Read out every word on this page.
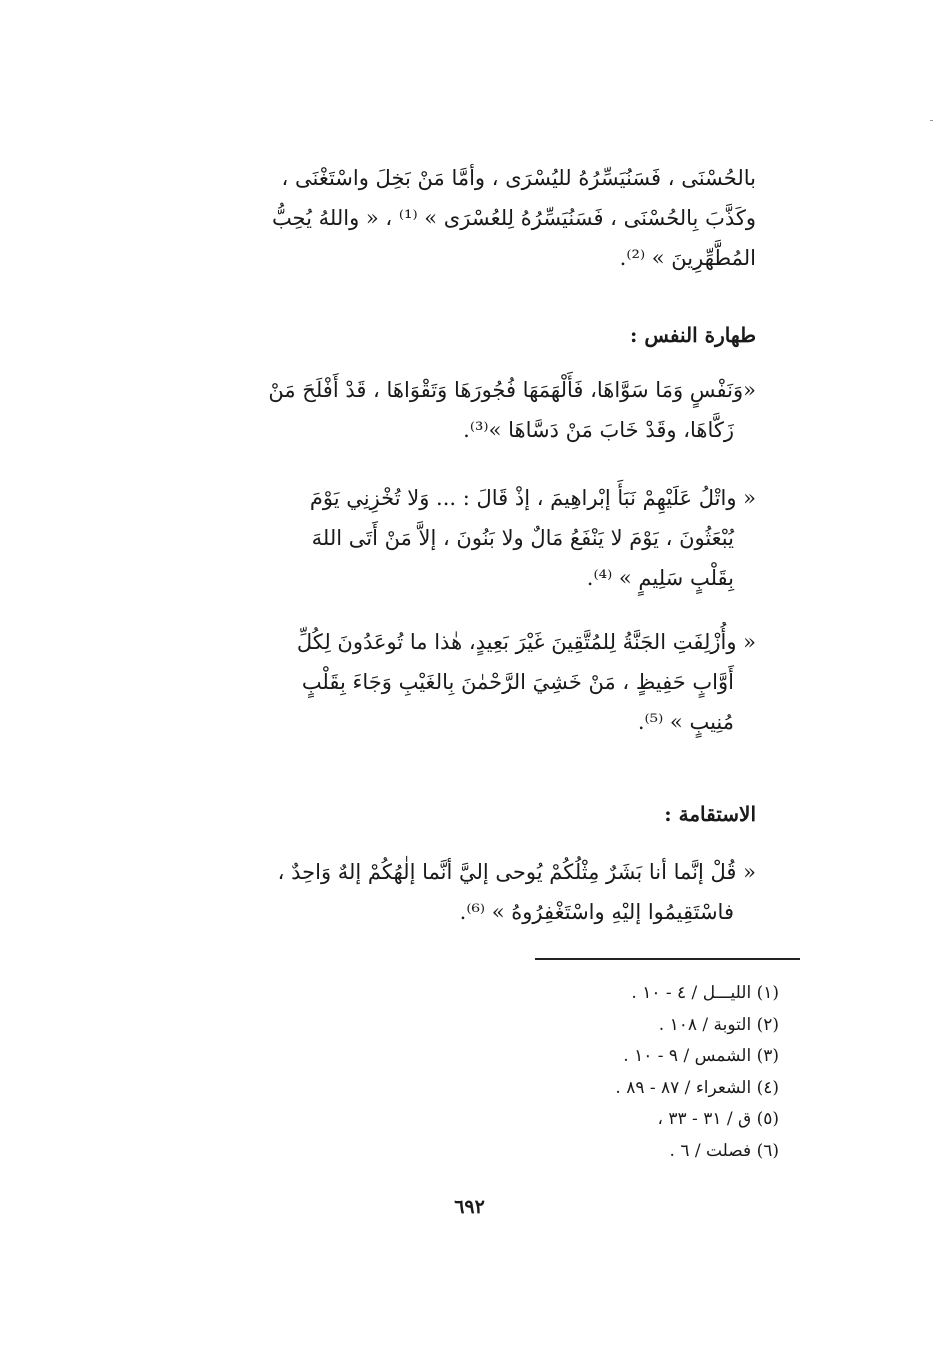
بالحُسْنَى ، فَسَنُيَسِّرُهُ لليُسْرَى ، وأمَّا مَنْ بَخِلَ واسْتَغْنَى ،
وكَذَّبَ بِالحُسْنَى ، فَسَنُيَسِّرُهُ لِلعُسْرَى » ⁽¹⁾ ، « واللهُ يُحِبُّ
المُطَّهِّرِينَ » ⁽²⁾.
طهارة النفس :
«وَنَفْسٍ وَمَا سَوَّاهَا، فَأَلْهَمَهَا فُجُورَهَا وَتَقْوَاهَا ، قَدْ أَفْلَحَ مَنْ
زَكَّاهَا، وقَدْ خَابَ مَنْ دَسَّاهَا »⁽³⁾.
« واتْلُ عَلَيْهِمْ نَبَأَ إبْراهِيمَ ، إذْ قَالَ : ... وَلا تُخْزِنِي يَوْمَ
يُبْعَثُونَ ، يَوْمَ لا يَنْفَعُ مَالٌ ولا بَنُونَ ، إلاَّ مَنْ أَتَى اللهَ
بِقَلْبٍ سَلِيمٍ » ⁽⁴⁾.
« وأُزْلِفَتِ الجَنَّةُ لِلمُتَّقِينَ غَيْرَ بَعِيدٍ، هٰذا ما تُوعَدُونَ لِكُلِّ
أَوَّابٍ حَفِيظٍ ، مَنْ خَشِيَ الرَّحْمٰنَ بِالغَيْبِ وَجَاءَ بِقَلْبٍ
مُنِيبٍ » ⁽⁵⁾.
الاستقامة :
« قُلْ إنَّما أنا بَشَرٌ مِثْلُكُمْ يُوحى إليَّ أنَّما إلٰهُكُمْ إلهٌ وَاحِدٌ ،
فاسْتَقِيمُوا إليْهِ واسْتَغْفِرُوهُ » ⁽⁶⁾.
(١) الليـــل / ٤ - ١٠ .
(٢) التوبة / ١٠٨ .
(٣) الشمس / ٩ - ١٠ .
(٤) الشعراء / ٨٧ - ٨٩ .
(٥) ق / ٣١ - ٣٣ ،
(٦) فصلت / ٦ .
٦٩٢
